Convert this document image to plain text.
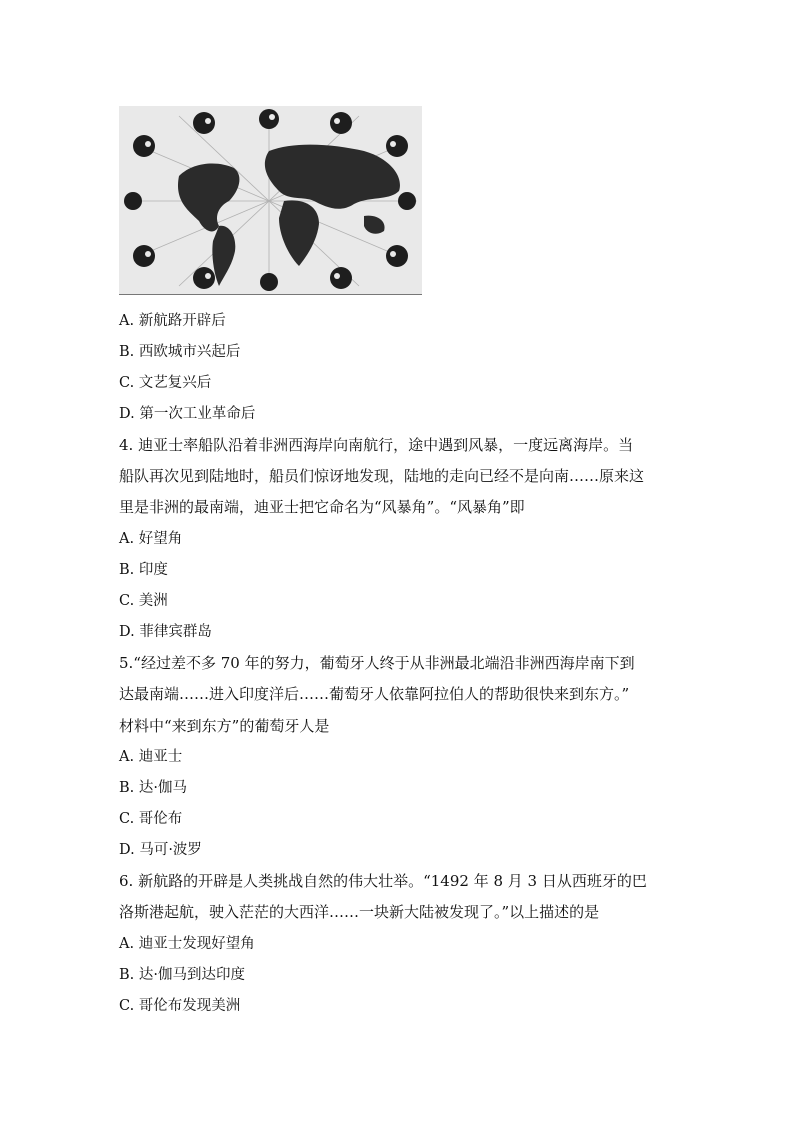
A. 新航路开辟后
B. 西欧城市兴起后
C. 文艺复兴后
D. 第一次工业革命后
4. 迪亚士率船队沿着非洲西海岸向南航行，途中遇到风暴，一度远离海岸。当
船队再次见到陆地时，船员们惊讶地发现，陆地的走向已经不是向南……原来这
里是非洲的最南端，迪亚士把它命名为“风暴角”。“风暴角”即
A. 好望角
B. 印度
C. 美洲
D. 菲律宾群岛
5.“经过差不多 70 年的努力，葡萄牙人终于从非洲最北端沿非洲西海岸南下到
达最南端……进入印度洋后……葡萄牙人依靠阿拉伯人的帮助很快来到东方。”
材料中“来到东方”的葡萄牙人是
A. 迪亚士
B. 达·伽马
C. 哥伦布
D. 马可·波罗
6. 新航路的开辟是人类挑战自然的伟大壮举。“1492 年 8 月 3 日从西班牙的巴
洛斯港起航，驶入茫茫的大西洋……一块新大陆被发现了。”以上描述的是
A. 迪亚士发现好望角
B. 达·伽马到达印度
C. 哥伦布发现美洲
